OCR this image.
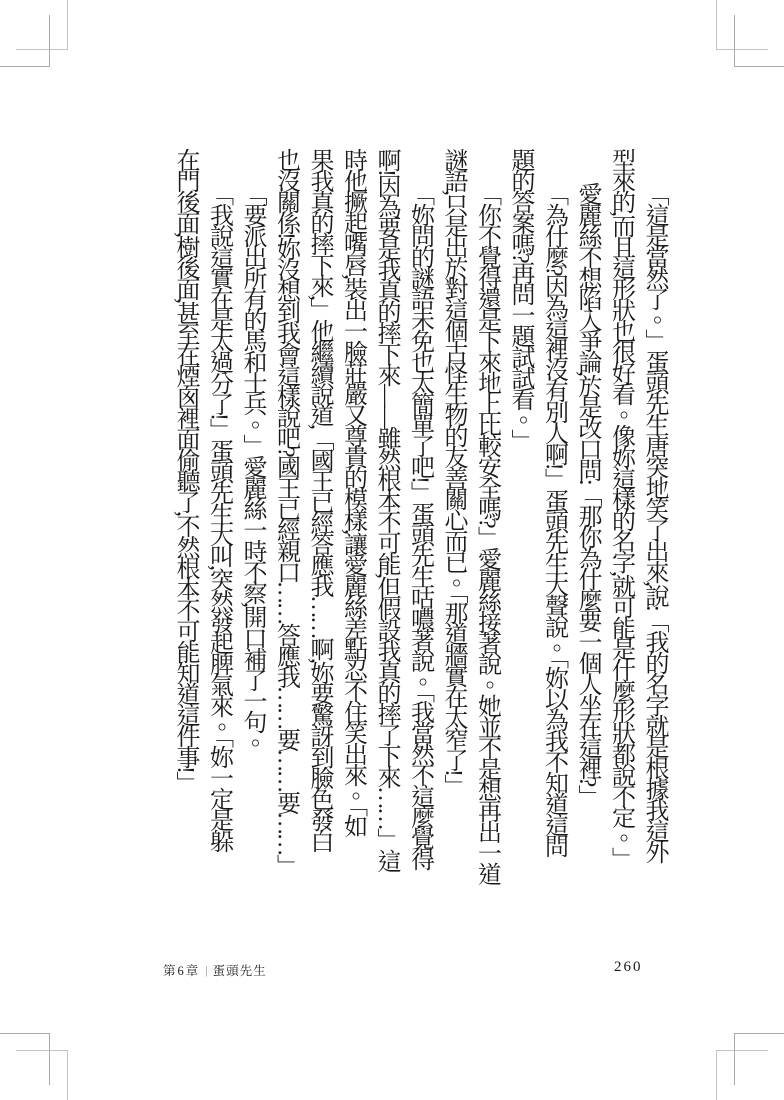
「這是當然了。」蛋頭先生唐突地笑了出來,說:「我的名字就是根據我這外
型來的,而且這形狀也很好看。像妳這樣的名字,就可能是什麼形狀都說不定。」
愛麗絲不想陷入爭論,於是改口問:「那你為什麼要一個人坐在這裡?」
「為什麼?因為這裡沒有別人啊!」蛋頭先生大聲說。「妳以為我不知道這問
題的答案嗎?再問一題試試看。」
「你不覺得還是下來地上比較安全嗎?」愛麗絲接著說。她並不是想再出一道
謎語,只是出於對這個古怪生物的友善關心而已。「那道牆實在太窄了!」
「妳問的謎語未免也太簡單了吧!」蛋頭先生咕噥著說。「我當然不這麼覺得
啊!因為要是我真的摔下來——雖然根本不可能,但假設我真的摔了下來……」這
時他撅起嘴唇,裝出一臉莊嚴又尊貴的模樣,讓愛麗絲差點忍不住笑出來。「如
果我真的摔下來,」他繼續說道,「國王已經答應我……啊,妳要驚訝到臉色發白
也沒關係!妳沒想到我會這樣說吧?國王已經親口……答應我……要……要……」
「要派出所有的馬和士兵。」愛麗絲一時不察,開口補了一句。
「我說這實在是太過分了!」蛋頭先生大叫,突然發起脾氣來。「妳一定是躲
在門後面,樹後面,甚至在煙囪裡面偷聽了,不然根本不可能知道這件事!」
第6章 | 蛋頭先生	260
